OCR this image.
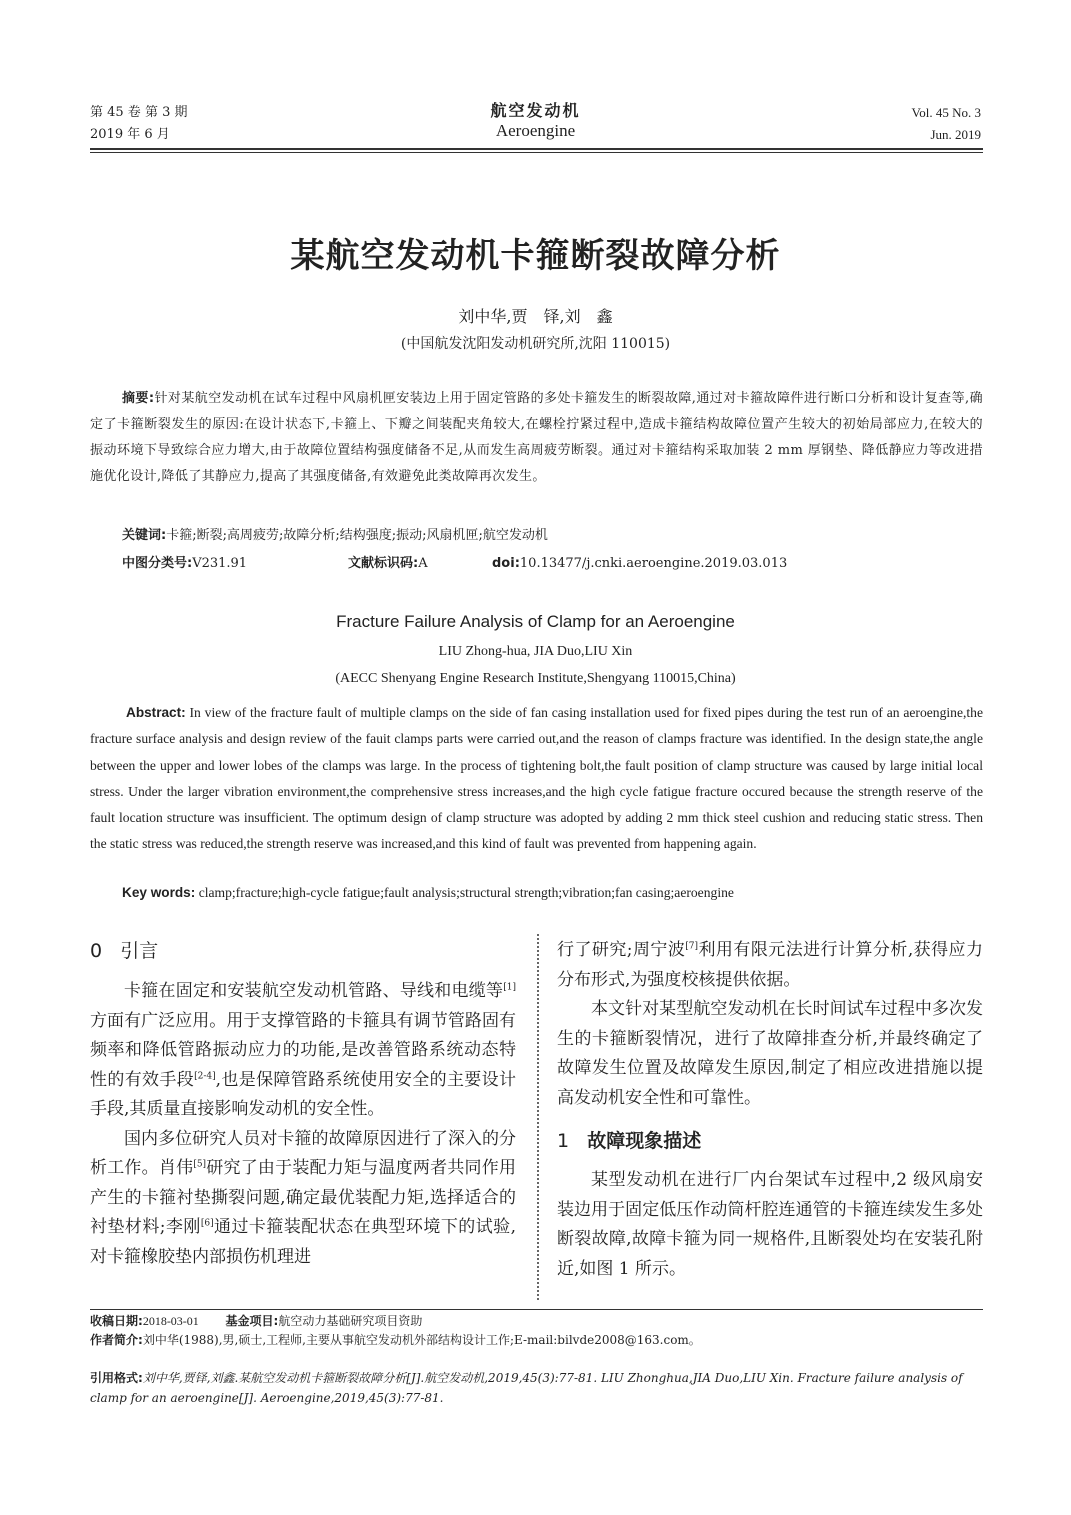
第 45 卷 第 3 期
2019 年 6 月
航空发动机
Aeroengine
Vol. 45 No. 3
Jun. 2019
某航空发动机卡箍断裂故障分析
刘中华,贾　铎,刘　鑫
(中国航发沈阳发动机研究所,沈阳 110015)
摘要:针对某航空发动机在试车过程中风扇机匣安装边上用于固定管路的多处卡箍发生的断裂故障,通过对卡箍故障件进行断口分析和设计复查等,确定了卡箍断裂发生的原因:在设计状态下,卡箍上、下瓣之间装配夹角较大,在螺栓拧紧过程中,造成卡箍结构故障位置产生较大的初始局部应力,在较大的振动环境下导致综合应力增大,由于故障位置结构强度储备不足,从而发生高周疲劳断裂。通过对卡箍结构采取加装 2 mm 厚钢垫、降低静应力等改进措施优化设计,降低了其静应力,提高了其强度储备,有效避免此类故障再次发生。
关键词:卡箍;断裂;高周疲劳;故障分析;结构强度;振动;风扇机匣;航空发动机
中图分类号:V231.91	文献标识码:A	doi:10.13477/j.cnki.aeroengine.2019.03.013
Fracture Failure Analysis of Clamp for an Aeroengine
LIU Zhong-hua, JIA Duo,LIU Xin
(AECC Shenyang Engine Research Institute,Shengyang 110015,China)
Abstract: In view of the fracture fault of multiple clamps on the side of fan casing installation used for fixed pipes during the test run of an aeroengine,the fracture surface analysis and design review of the fauit clamps parts were carried out,and the reason of clamps fracture was identified. In the design state,the angle between the upper and lower lobes of the clamps was large. In the process of tightening bolt,the fault position of clamp structure was caused by large initial local stress. Under the larger vibration environment,the comprehensive stress increases,and the high cycle fatigue fracture occured because the strength reserve of the fault location structure was insufficient. The optimum design of clamp structure was adopted by adding 2 mm thick steel cushion and reducing static stress. Then the static stress was reduced,the strength reserve was increased,and this kind of fault was prevented from happening again.
Key words: clamp;fracture;high-cycle fatigue;fault analysis;structural strength;vibration;fan casing;aeroengine
0 引言

卡箍在固定和安装航空发动机管路、导线和电缆等[1]方面有广泛应用。用于支撑管路的卡箍具有调节管路固有频率和降低管路振动应力的功能,是改善管路系统动态特性的有效手段[2-4],也是保障管路系统使用安全的主要设计手段,其质量直接影响发动机的安全性。

国内多位研究人员对卡箍的故障原因进行了深入的分析工作。肖伟[5]研究了由于装配力矩与温度两者共同作用产生的卡箍衬垫撕裂问题,确定最优装配力矩,选择适合的衬垫材料;李刚[6]通过卡箍装配状态在典型环境下的试验,对卡箍橡胶垫内部损伤机理进

行了研究;周宁波[7]利用有限元法进行计算分析,获得应力分布形式,为强度校核提供依据。

本文针对某型航空发动机在长时间试车过程中多次发生的卡箍断裂情况，进行了故障排查分析,并最终确定了故障发生位置及故障发生原因,制定了相应改进措施以提高发动机安全性和可靠性。

1 故障现象描述

某型发动机在进行厂内台架试车过程中,2 级风扇安装边用于固定低压作动筒杆腔连通管的卡箍连续发生多处断裂故障,故障卡箍为同一规格件,且断裂处均在安装孔附近,如图 1 所示。

收稿日期:2018-03-01 基金项目:航空动力基础研究项目资助
作者简介:刘中华(1988),男,硕士,工程师,主要从事航空发动机外部结构设计工作;E-mail:bilvde2008@163.com。
引用格式:刘中华,贾铎,刘鑫.某航空发动机卡箍断裂故障分析[J].航空发动机,2019,45(3):77-81. LIU Zhonghua,JIA Duo,LIU Xin. Fracture failure analysis of clamp for an aeroengine[J]. Aeroengine,2019,45(3):77-81.
